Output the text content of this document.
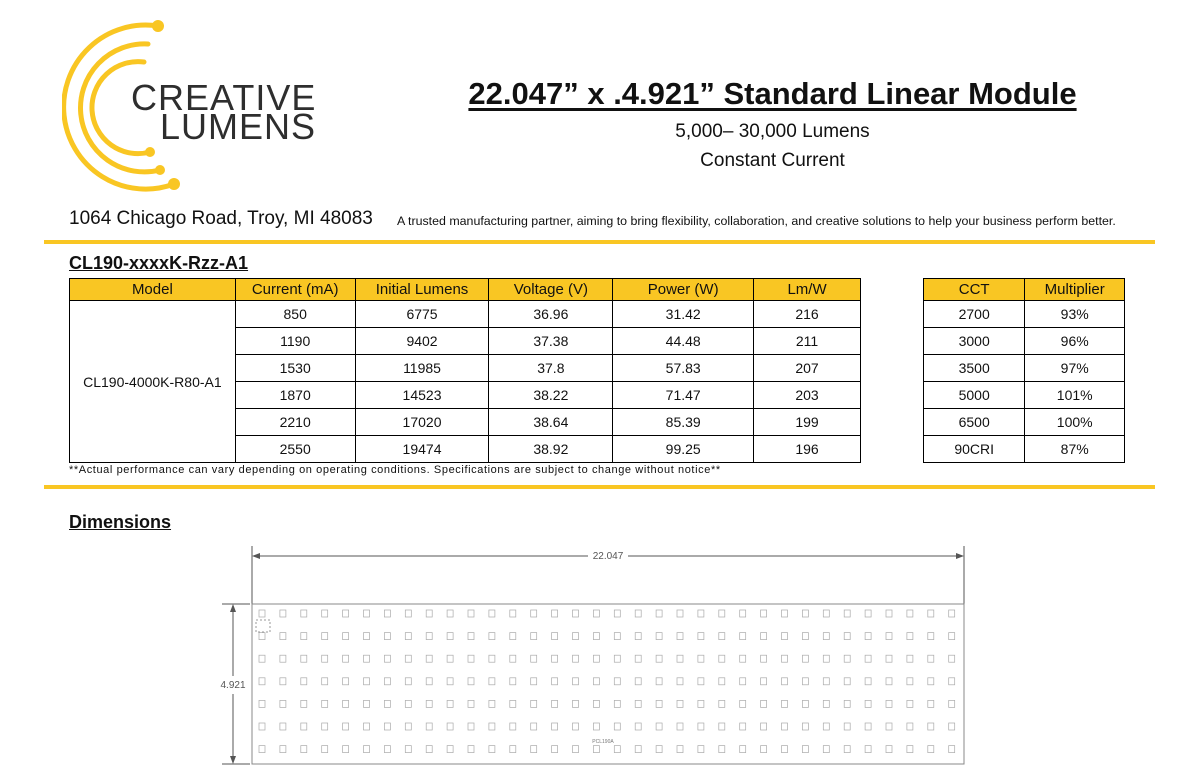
CREATIVE
LUMENS
22.047” x .4.921” Standard Linear Module
5,000– 30,000 Lumens
Constant Current
1064 Chicago Road, Troy, MI 48083 A trusted manufacturing partner, aiming to bring flexibility, collaboration, and creative solutions to help your business perform better.
CL190-xxxxK-Rzz-A1
Model	Current (mA)	Initial Lumens	Voltage (V)	Power (W)	Lm/W
CL190-4000K-R80-A1	850	6775	36.96	31.42	216
	1190	9402	37.38	44.48	211
	1530	11985	37.8	57.83	207
	1870	14523	38.22	71.47	203
	2210	17020	38.64	85.39	199
	2550	19474	38.92	99.25	196
CCT	Multiplier
2700	93%
3000	96%
3500	97%
5000	101%
6500	100%
90CRI	87%
**Actual performance can vary depending on operating conditions. Specifications are subject to change without notice**
Dimensions
22.047
4.921
PCL190A
